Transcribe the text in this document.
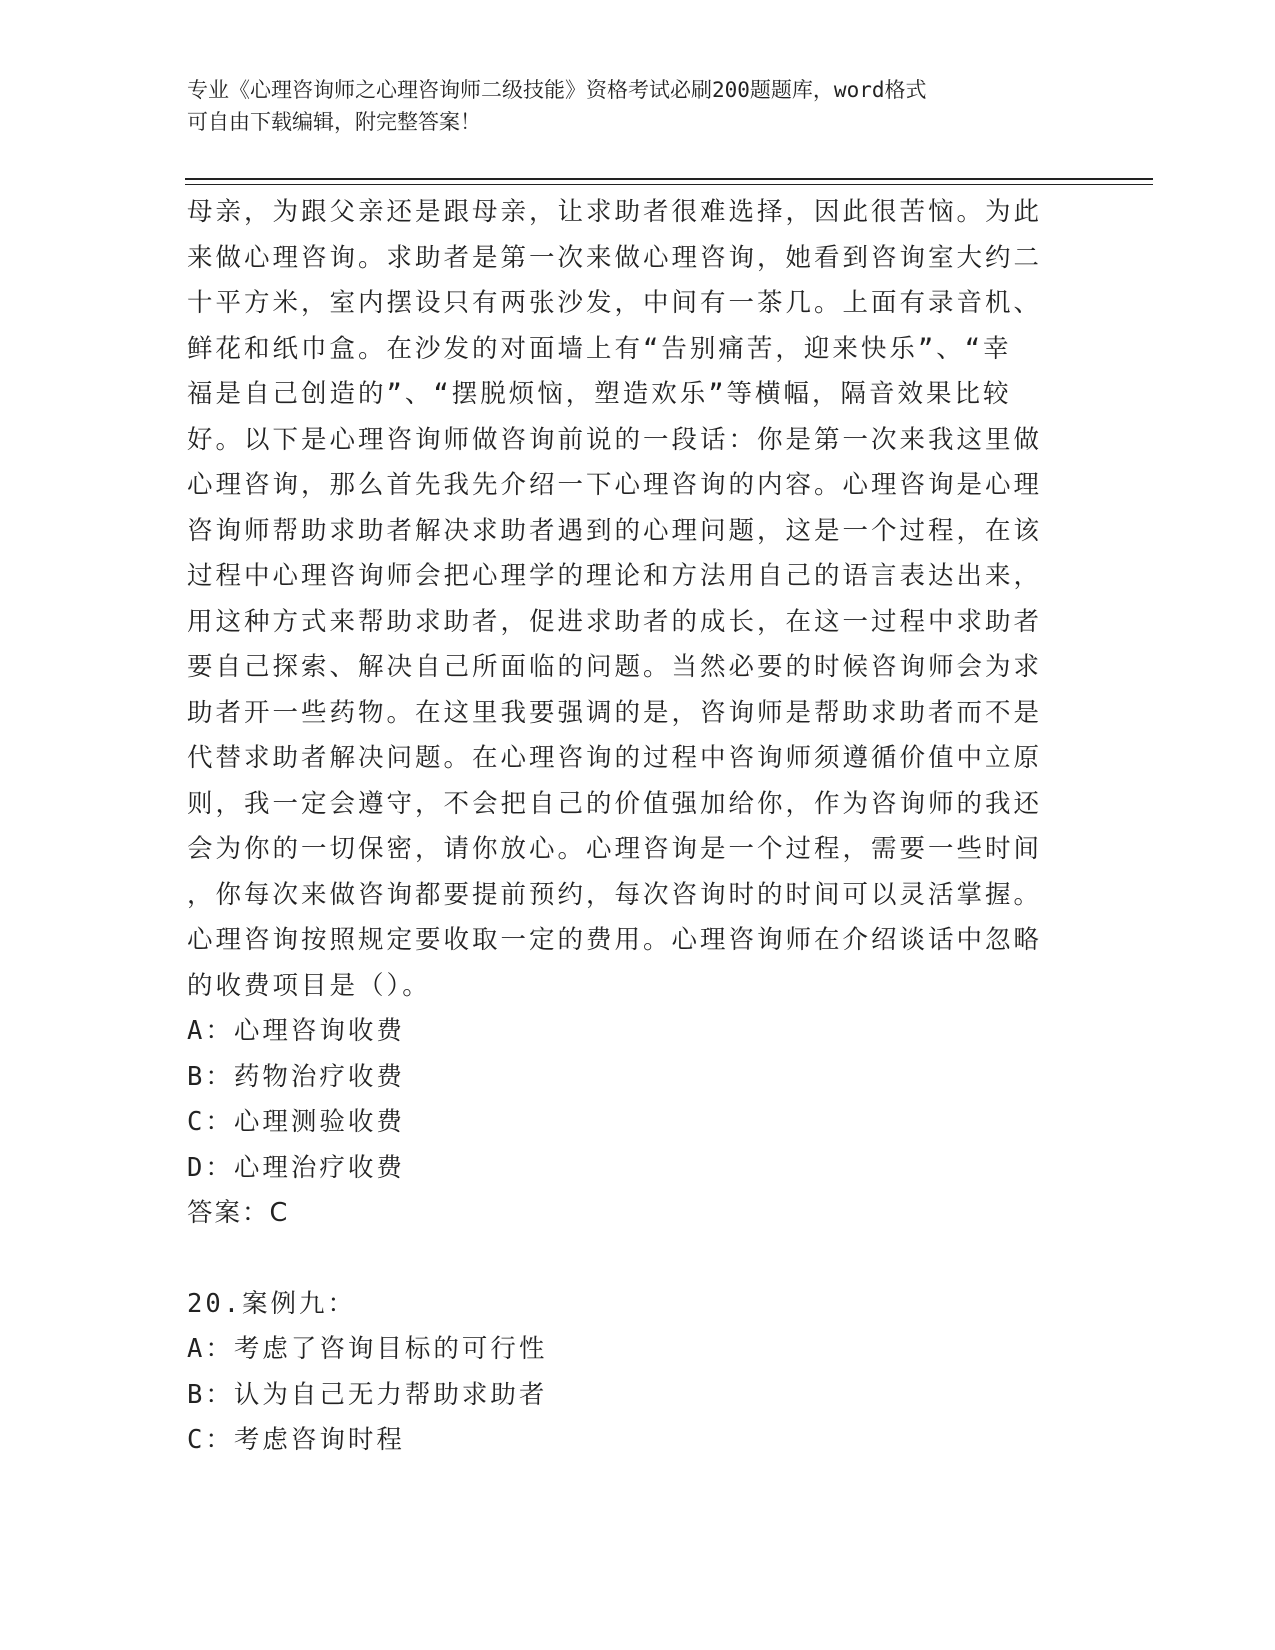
专业《心理咨询师之心理咨询师二级技能》资格考试必刷200题题库，word格式
可自由下载编辑，附完整答案！
母亲，为跟父亲还是跟母亲，让求助者很难选择，因此很苦恼。为此
来做心理咨询。求助者是第一次来做心理咨询，她看到咨询室大约二
十平方米，室内摆设只有两张沙发，中间有一茶几。上面有录音机、
鲜花和纸巾盒。在沙发的对面墙上有“告别痛苦，迎来快乐”、“幸
福是自己创造的”、“摆脱烦恼，塑造欢乐”等横幅，隔音效果比较
好。以下是心理咨询师做咨询前说的一段话：你是第一次来我这里做
心理咨询，那么首先我先介绍一下心理咨询的内容。心理咨询是心理
咨询师帮助求助者解决求助者遇到的心理问题，这是一个过程，在该
过程中心理咨询师会把心理学的理论和方法用自己的语言表达出来，
用这种方式来帮助求助者，促进求助者的成长，在这一过程中求助者
要自己探索、解决自己所面临的问题。当然必要的时候咨询师会为求
助者开一些药物。在这里我要强调的是，咨询师是帮助求助者而不是
代替求助者解决问题。在心理咨询的过程中咨询师须遵循价值中立原
则，我一定会遵守，不会把自己的价值强加给你，作为咨询师的我还
会为你的一切保密，请你放心。心理咨询是一个过程，需要一些时间
，你每次来做咨询都要提前预约，每次咨询时的时间可以灵活掌握。
心理咨询按照规定要收取一定的费用。心理咨询师在介绍谈话中忽略
的收费项目是（）。
A：心理咨询收费
B：药物治疗收费
C：心理测验收费
D：心理治疗收费
答案：C
20.案例九：
A：考虑了咨询目标的可行性
B：认为自己无力帮助求助者
C：考虑咨询时程
